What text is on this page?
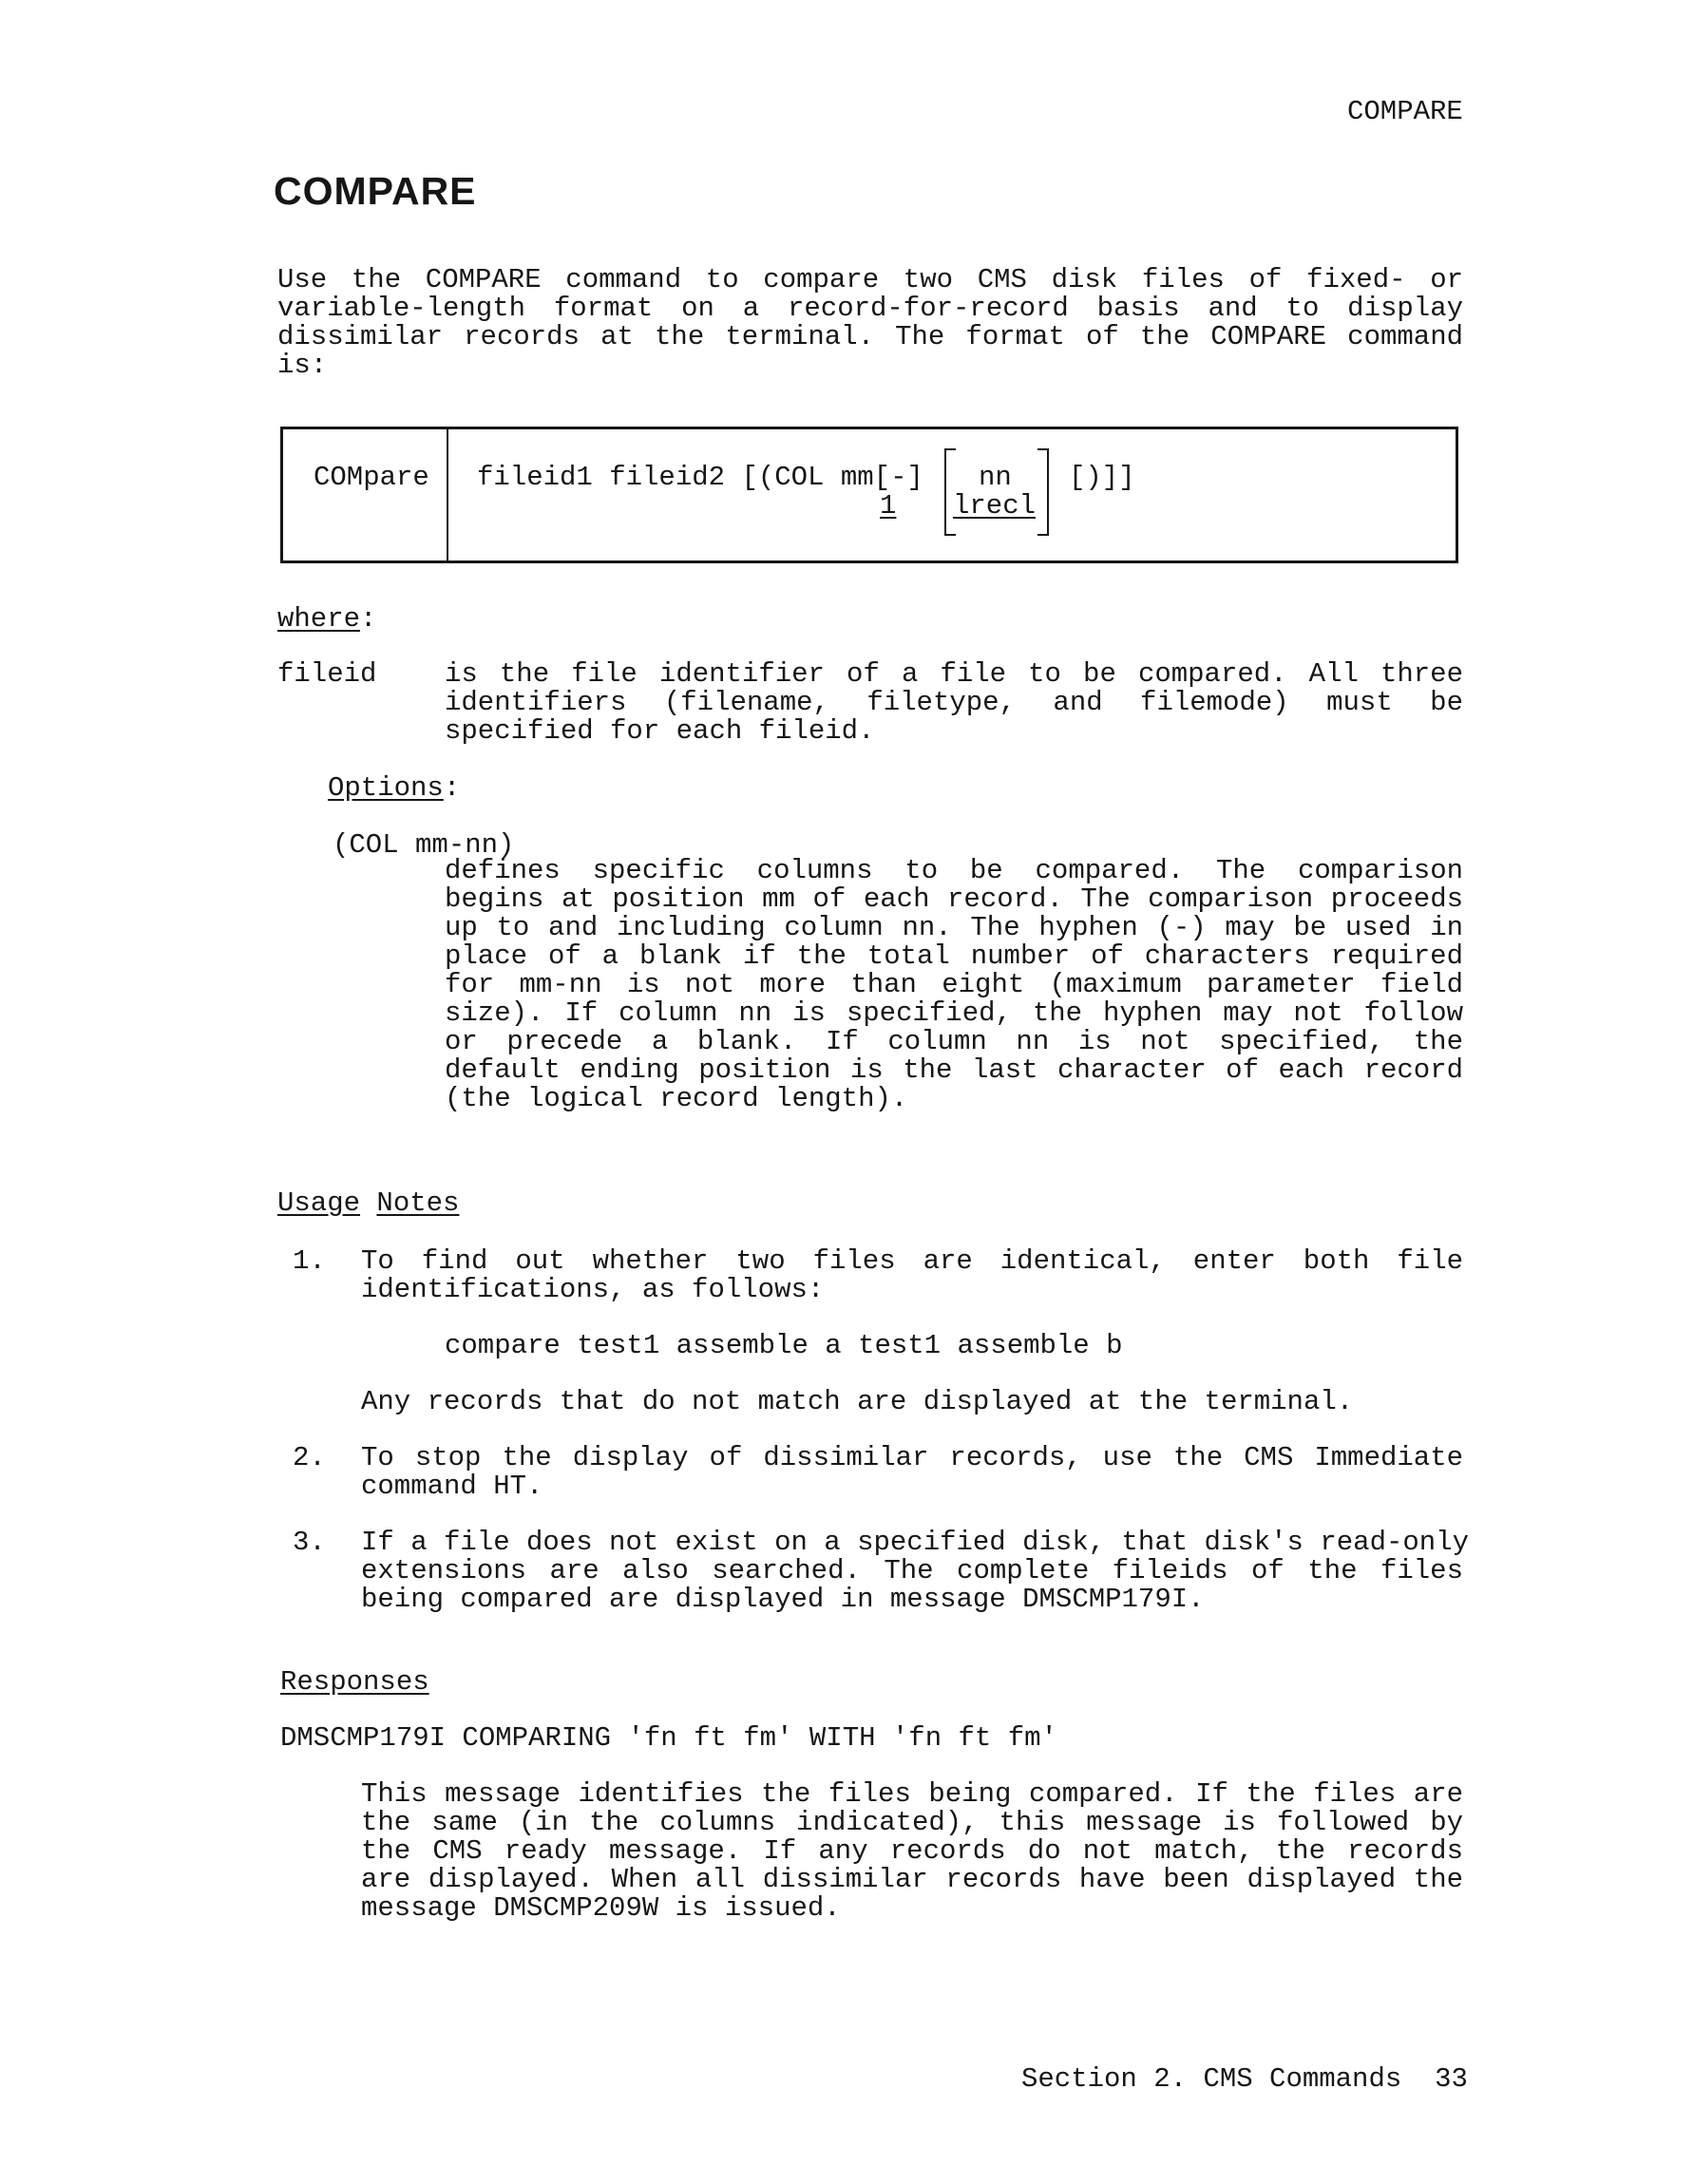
COMPARE
COMPARE
Use the COMPARE command to compare two CMS disk files of fixed- or
variable-length format on a record-for-record basis and to display
dissimilar records at the terminal. The format of the COMPARE command
is:
COMpare fileid1 fileid2 [(COL mm[-] nn [)]]
1 lrecl
where:
fileid is the file identifier of a file to be compared. All three
identifiers (filename, filetype, and filemode) must be
specified for each fileid.
Options:
(COL mm-nn)
defines specific columns to be compared. The comparison
begins at position mm of each record. The comparison proceeds
up to and including column nn. The hyphen (-) may be used in
place of a blank if the total number of characters required
for mm-nn is not more than eight (maximum parameter field
size). If column nn is specified, the hyphen may not follow
or precede a blank. If column nn is not specified, the
default ending position is the last character of each record
(the logical record length).
Usage Notes
1. To find out whether two files are identical, enter both file
identifications, as follows:
compare test1 assemble a test1 assemble b
Any records that do not match are displayed at the terminal.
2. To stop the display of dissimilar records, use the CMS Immediate
command HT.
3. If a file does not exist on a specified disk, that disk's read-only
extensions are also searched. The complete fileids of the files
being compared are displayed in message DMSCMP179I.
Responses
DMSCMP179I COMPARING 'fn ft fm' WITH 'fn ft fm'
This message identifies the files being compared. If the files are
the same (in the columns indicated), this message is followed by
the CMS ready message. If any records do not match, the records
are displayed. When all dissimilar records have been displayed the
message DMSCMP209W is issued.
Section 2. CMS Commands 33
